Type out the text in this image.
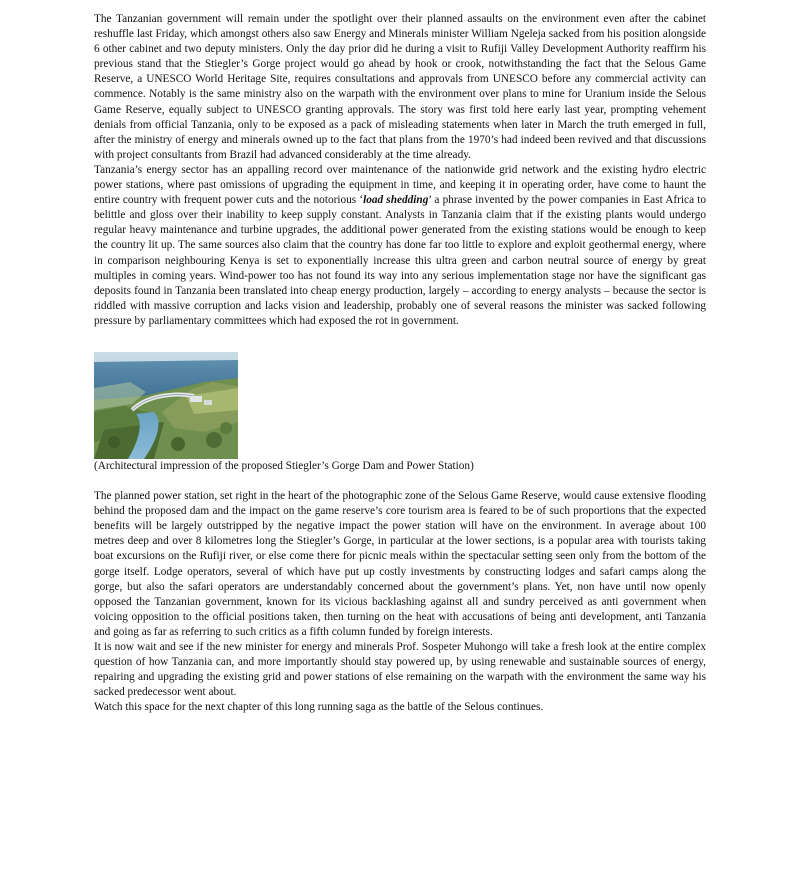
The Tanzanian government will remain under the spotlight over their planned assaults on the environment even after the cabinet reshuffle last Friday, which amongst others also saw Energy and Minerals minister William Ngeleja sacked from his position alongside 6 other cabinet and two deputy ministers. Only the day prior did he during a visit to Rufiji Valley Development Authority reaffirm his previous stand that the Stiegler’s Gorge project would go ahead by hook or crook, notwithstanding the fact that the Selous Game Reserve, a UNESCO World Heritage Site, requires consultations and approvals from UNESCO before any commercial activity can commence. Notably is the same ministry also on the warpath with the environment over plans to mine for Uranium inside the Selous Game Reserve, equally subject to UNESCO granting approvals. The story was first told here early last year, prompting vehement denials from official Tanzania, only to be exposed as a pack of misleading statements when later in March the truth emerged in full, after the ministry of energy and minerals owned up to the fact that plans from the 1970’s had indeed been revived and that discussions with project consultants from Brazil had advanced considerably at the time already.

Tanzania’s energy sector has an appalling record over maintenance of the nationwide grid network and the existing hydro electric power stations, where past omissions of upgrading the equipment in time, and keeping it in operating order, have come to haunt the entire country with frequent power cuts and the notorious ‘load shedding’ a phrase invented by the power companies in East Africa to belittle and gloss over their inability to keep supply constant. Analysts in Tanzania claim that if the existing plants would undergo regular heavy maintenance and turbine upgrades, the additional power generated from the existing stations would be enough to keep the country lit up. The same sources also claim that the country has done far too little to explore and exploit geothermal energy, where in comparison neighbouring Kenya is set to exponentially increase this ultra green and carbon neutral source of energy by great multiples in coming years. Wind-power too has not found its way into any serious implementation stage nor have the significant gas deposits found in Tanzania been translated into cheap energy production, largely – according to energy analysts – because the sector is riddled with massive corruption and lacks vision and leadership, probably one of several reasons the minister was sacked following pressure by parliamentary committees which had exposed the rot in government.

(Architectural impression of the proposed Stiegler’s Gorge Dam and Power Station)

The planned power station, set right in the heart of the photographic zone of the Selous Game Reserve, would cause extensive flooding behind the proposed dam and the impact on the game reserve’s core tourism area is feared to be of such proportions that the expected benefits will be largely outstripped by the negative impact the power station will have on the environment. In average about 100 metres deep and over 8 kilometres long the Stiegler’s Gorge, in particular at the lower sections, is a popular area with tourists taking boat excursions on the Rufiji river, or else come there for picnic meals within the spectacular setting seen only from the bottom of the gorge itself. Lodge operators, several of which have put up costly investments by constructing lodges and safari camps along the gorge, but also the safari operators are understandably concerned about the government’s plans. Yet, non have until now openly opposed the Tanzanian government, known for its vicious backlashing against all and sundry perceived as anti government when voicing opposition to the official positions taken, then turning on the heat with accusations of being anti development, anti Tanzania and going as far as referring to such critics as a fifth column funded by foreign interests.

It is now wait and see if the new minister for energy and minerals Prof. Sospeter Muhongo will take a fresh look at the entire complex question of how Tanzania can, and more importantly should stay powered up, by using renewable and sustainable sources of energy, repairing and upgrading the existing grid and power stations of else remaining on the warpath with the environment the same way his sacked predecessor went about.

Watch this space for the next chapter of this long running saga as the battle of the Selous continues.
